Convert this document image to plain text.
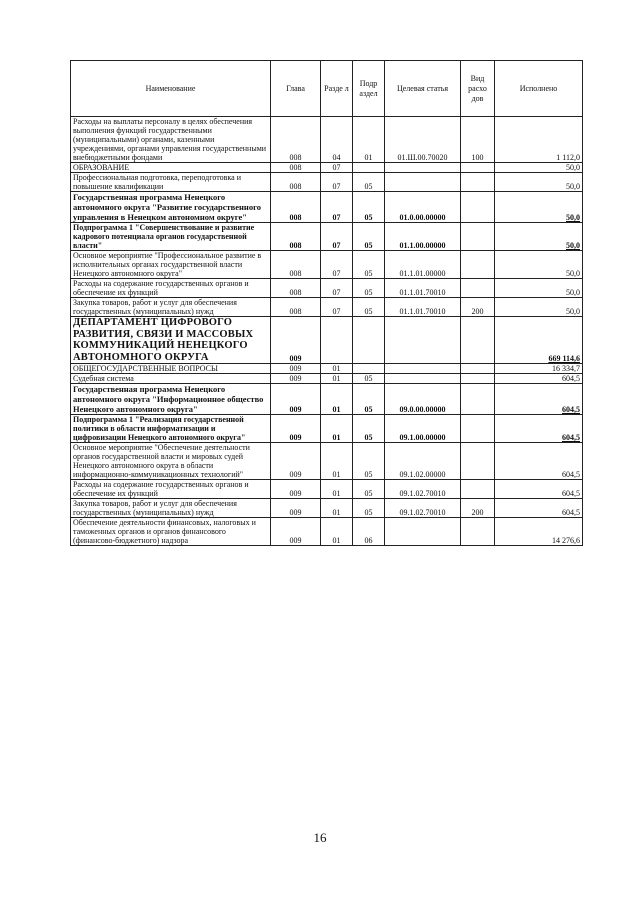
Наименование	Глава	Разде л	Подр аздел	Целевая статья	Вид расхо дов	Исполнено
Расходы на выплаты персоналу в целях обеспечения выполнения функций государственными (муниципальными) органами, казенными учреждениями, органами управления государственными внебюджетными фондами	008	04	01	01.Ш.00.70020	100	1 112,0
ОБРАЗОВАНИЕ	008	07				50,0
Профессиональная подготовка, переподготовка и повышение квалификации	008	07	05			50,0
Государственная программа Ненецкого автономного округа "Развитие государственного управления в Ненецком автономном округе"	008	07	05	01.0.00.00000		50,0
Подпрограмма 1 "Совершенствование и развитие кадрового потенциала органов государственной власти"	008	07	05	01.1.00.00000		50,0
Основное мероприятие "Профессиональное развитие в исполнительных органах государственной власти Ненецкого автономного округа"	008	07	05	01.1.01.00000		50,0
Расходы на содержание государственных органов и обеспечение их функций	008	07	05	01.1.01.70010		50,0
Закупка товаров, работ и услуг для обеспечения государственных (муниципальных) нужд	008	07	05	01.1.01.70010	200	50,0
ДЕПАРТАМЕНТ ЦИФРОВОГО РАЗВИТИЯ, СВЯЗИ И МАССОВЫХ КОММУНИКАЦИЙ НЕНЕЦКОГО АВТОНОМНОГО ОКРУГА	009					669 114,6
ОБЩЕГОСУДАРСТВЕННЫЕ ВОПРОСЫ	009	01				16 334,7
Судебная система	009	01	05			604,5
Государственная программа Ненецкого автономного округа "Информационное общество Ненецкого автономного округа"	009	01	05	09.0.00.00000		604,5
Подпрограмма 1 "Реализация государственной политики в области информатизации и цифровизации Ненецкого автономного округа"	009	01	05	09.1.00.00000		604,5
Основное мероприятие "Обеспечение деятельности органов государственной власти и мировых судей Ненецкого автономного округа в области информационно-коммуникационных технологий"	009	01	05	09.1.02.00000		604,5
Расходы на содержание государственных органов и обеспечение их функций	009	01	05	09.1.02.70010		604,5
Закупка товаров, работ и услуг для обеспечения государственных (муниципальных) нужд	009	01	05	09.1.02.70010	200	604,5
Обеспечение деятельности финансовых, налоговых и таможенных органов и органов финансового (финансово-бюджетного) надзора	009	01	06			14 276,6
16
